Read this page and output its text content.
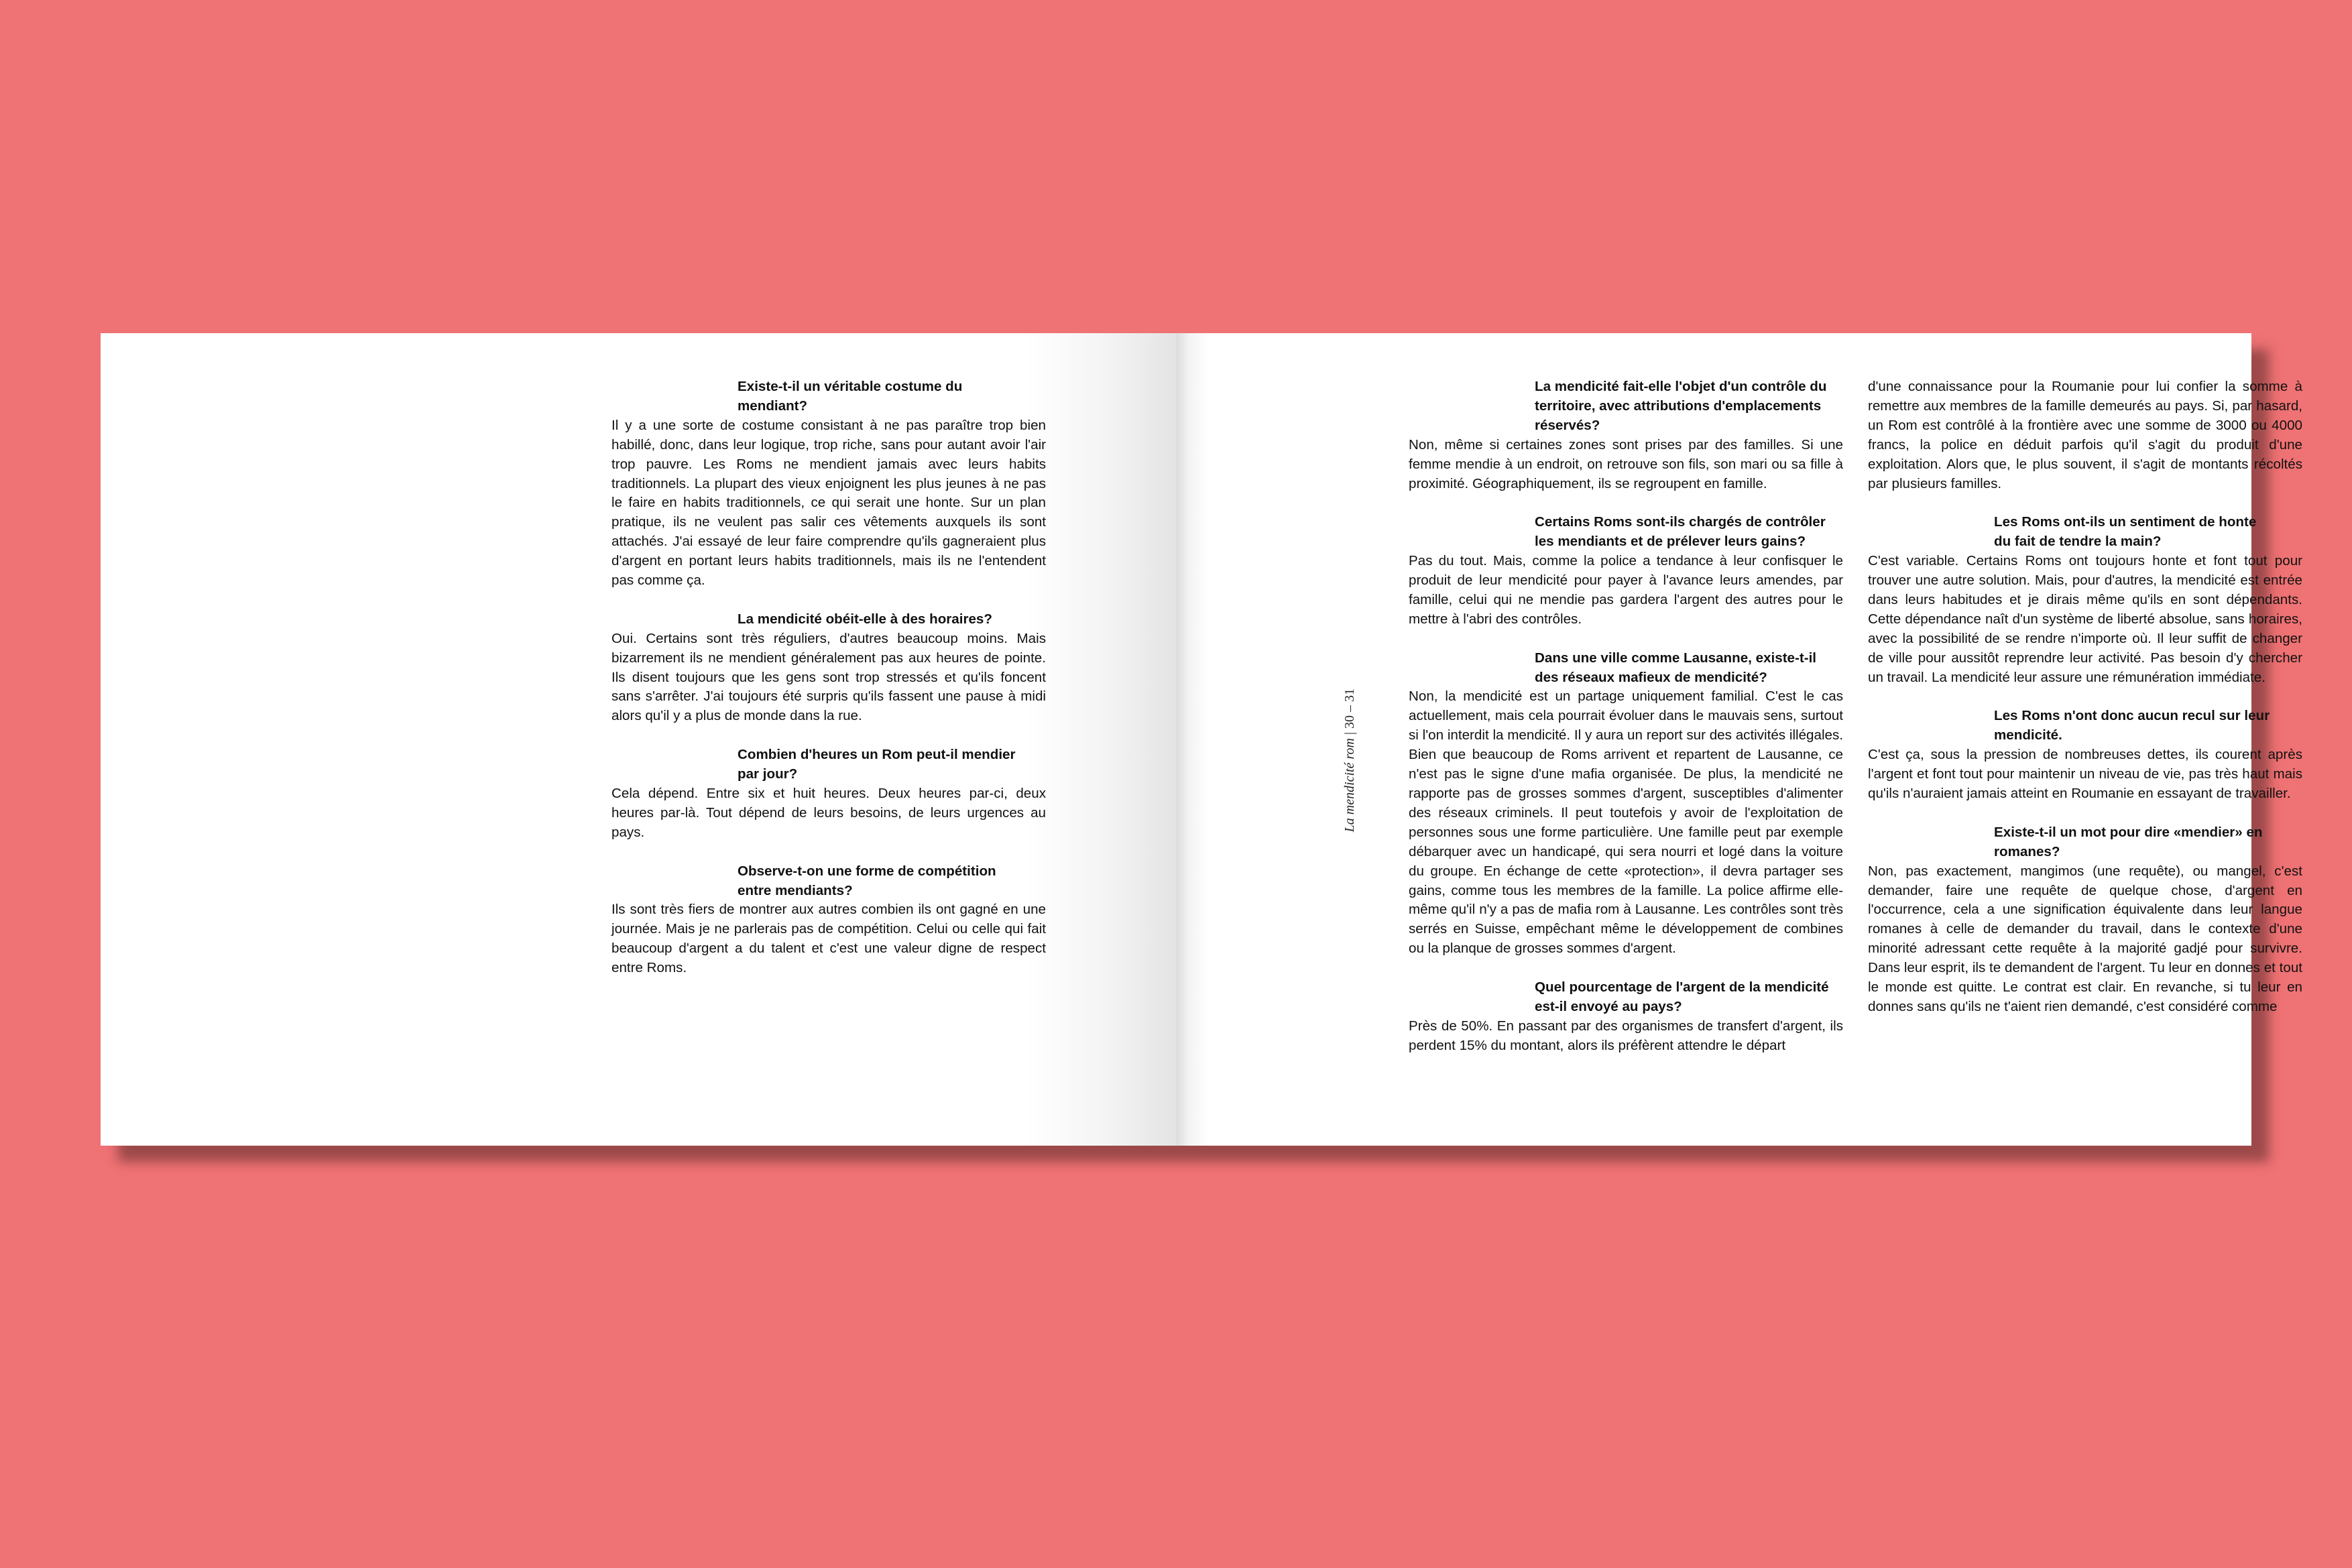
Existe-t-il un véritable costume du mendiant?

Il y a une sorte de costume consistant à ne pas paraître trop bien habillé, donc, dans leur logique, trop riche, sans pour autant avoir l'air trop pauvre. Les Roms ne mendient jamais avec leurs habits traditionnels. La plupart des vieux enjoignent les plus jeunes à ne pas le faire en habits traditionnels, ce qui serait une honte. Sur un plan pratique, ils ne veulent pas salir ces vêtements auxquels ils sont attachés. J'ai essayé de leur faire comprendre qu'ils gagneraient plus d'argent en portant leurs habits traditionnels, mais ils ne l'entendent pas comme ça.

La mendicité obéit-elle à des horaires?

Oui. Certains sont très réguliers, d'autres beaucoup moins. Mais bizarrement ils ne mendient généralement pas aux heures de pointe. Ils disent toujours que les gens sont trop stressés et qu'ils foncent sans s'arrêter. J'ai toujours été surpris qu'ils fassent une pause à midi alors qu'il y a plus de monde dans la rue.

Combien d'heures un Rom peut-il mendier par jour?

Cela dépend. Entre six et huit heures. Deux heures par-ci, deux heures par-là. Tout dépend de leurs besoins, de leurs urgences au pays.

Observe-t-on une forme de compétition entre mendiants?

Ils sont très fiers de montrer aux autres combien ils ont gagné en une journée. Mais je ne parlerais pas de compétition. Celui ou celle qui fait beaucoup d'argent a du talent et c'est une valeur digne de respect entre Roms.

La mendicité rom | 30 – 31

La mendicité fait-elle l'objet d'un contrôle du territoire, avec attributions d'emplacements réservés?

Non, même si certaines zones sont prises par des familles. Si une femme mendie à un endroit, on retrouve son fils, son mari ou sa fille à proximité. Géographiquement, ils se regroupent en famille.

Certains Roms sont-ils chargés de contrôler les mendiants et de prélever leurs gains?

Pas du tout. Mais, comme la police a tendance à leur confisquer le produit de leur mendicité pour payer à l'avance leurs amendes, par famille, celui qui ne mendie pas gardera l'argent des autres pour le mettre à l'abri des contrôles.

Dans une ville comme Lausanne, existe-t-il des réseaux mafieux de mendicité?

Non, la mendicité est un partage uniquement familial. C'est le cas actuellement, mais cela pourrait évoluer dans le mauvais sens, surtout si l'on interdit la mendicité. Il y aura un report sur des activités illégales. Bien que beaucoup de Roms arrivent et repartent de Lausanne, ce n'est pas le signe d'une mafia organisée. De plus, la mendicité ne rapporte pas de grosses sommes d'argent, susceptibles d'alimenter des réseaux criminels. Il peut toutefois y avoir de l'exploitation de personnes sous une forme particulière. Une famille peut par exemple débarquer avec un handicapé, qui sera nourri et logé dans la voiture du groupe. En échange de cette «protection», il devra partager ses gains, comme tous les membres de la famille. La police affirme elle-même qu'il n'y a pas de mafia rom à Lausanne. Les contrôles sont très serrés en Suisse, empêchant même le développement de combines ou la planque de grosses sommes d'argent.

Quel pourcentage de l'argent de la mendicité est-il envoyé au pays?

Près de 50%. En passant par des organismes de transfert d'argent, ils perdent 15% du montant, alors ils préfèrent attendre le départ

d'une connaissance pour la Roumanie pour lui confier la somme à remettre aux membres de la famille demeurés au pays. Si, par hasard, un Rom est contrôlé à la frontière avec une somme de 3000 ou 4000 francs, la police en déduit parfois qu'il s'agit du produit d'une exploitation. Alors que, le plus souvent, il s'agit de montants récoltés par plusieurs familles.

Les Roms ont-ils un sentiment de honte du fait de tendre la main?

C'est variable. Certains Roms ont toujours honte et font tout pour trouver une autre solution. Mais, pour d'autres, la mendicité est entrée dans leurs habitudes et je dirais même qu'ils en sont dépendants. Cette dépendance naît d'un système de liberté absolue, sans horaires, avec la possibilité de se rendre n'importe où. Il leur suffit de changer de ville pour aussitôt reprendre leur activité. Pas besoin d'y chercher un travail. La mendicité leur assure une rémunération immédiate.

Les Roms n'ont donc aucun recul sur leur mendicité.

C'est ça, sous la pression de nombreuses dettes, ils courent après l'argent et font tout pour maintenir un niveau de vie, pas très haut mais qu'ils n'auraient jamais atteint en Roumanie en essayant de travailler.

Existe-t-il un mot pour dire «mendier» en romanes?

Non, pas exactement, mangimos (une requête), ou mangel, c'est demander, faire une requête de quelque chose, d'argent en l'occurrence, cela a une signification équivalente dans leur langue romanes à celle de demander du travail, dans le contexte d'une minorité adressant cette requête à la majorité gadjé pour survivre. Dans leur esprit, ils te demandent de l'argent. Tu leur en donnes et tout le monde est quitte. Le contrat est clair. En revanche, si tu leur en donnes sans qu'ils ne t'aient rien demandé, c'est considéré comme
